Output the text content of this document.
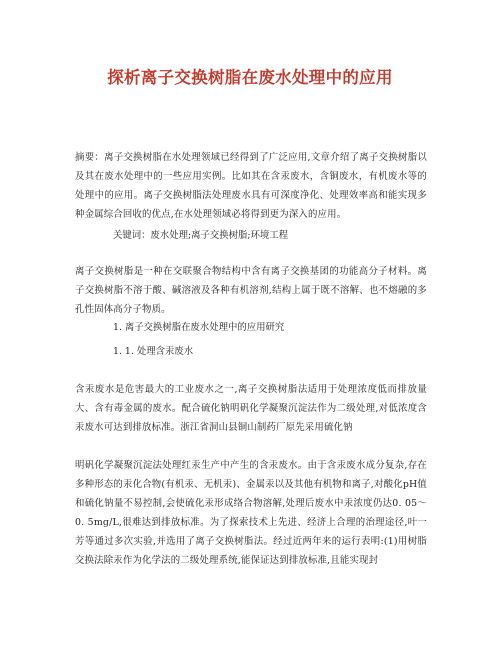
探析离子交换树脂在废水处理中的应用

摘要：离子交换树脂在水处理领域已经得到了广泛应用,文章介绍了离子交换树脂以及其在废水处理中的一些应用实例。比如其在含汞废水，含铜废水，有机废水等的处理中的应用。离子交换树脂法处理废水具有可深度净化、处理效率高和能实现多种金属综合回收的优点,在水处理领域必将得到更为深入的应用。

关键词：废水处理;离子交换树脂;环境工程

离子交换树脂是一种在交联聚合物结构中含有离子交换基团的功能高分子材料。离子交换树脂不溶于酸、碱溶液及各种有机溶剂,结构上属于既不溶解、也不熔融的多孔性固体高分子物质。

1. 离子交换树脂在废水处理中的应用研究

1. 1. 处理含汞废水

含汞废水是危害最大的工业废水之一,离子交换树脂法适用于处理浓度低而排放量大、含有毒金属的废水。配合硫化钠明矾化学凝聚沉淀法作为二级处理,对低浓度含汞废水可达到排放标准。浙江省洞山县铜山制药厂原先采用硫化钠

明矾化学凝聚沉淀法处理红汞生产中产生的含汞废水。由于含汞废水成分复杂,存在多种形态的汞化合物(有机汞、无机汞)、金属汞以及其他有机物和离子,对酸化pH值和硫化钠量不易控制,会使硫化汞形成络合物溶解,处理后废水中汞浓度仍达0. 05～0. 5mg/L,很难达到排放标准。为了探索技术上先进、经济上合理的治理途径,叶一芳等通过多次实验,并选用了离子交换树脂法。经过近两年来的运行表明:(1)用树脂交换法除汞作为化学法的二级处理系统,能保证达到排放标准,且能实现封
